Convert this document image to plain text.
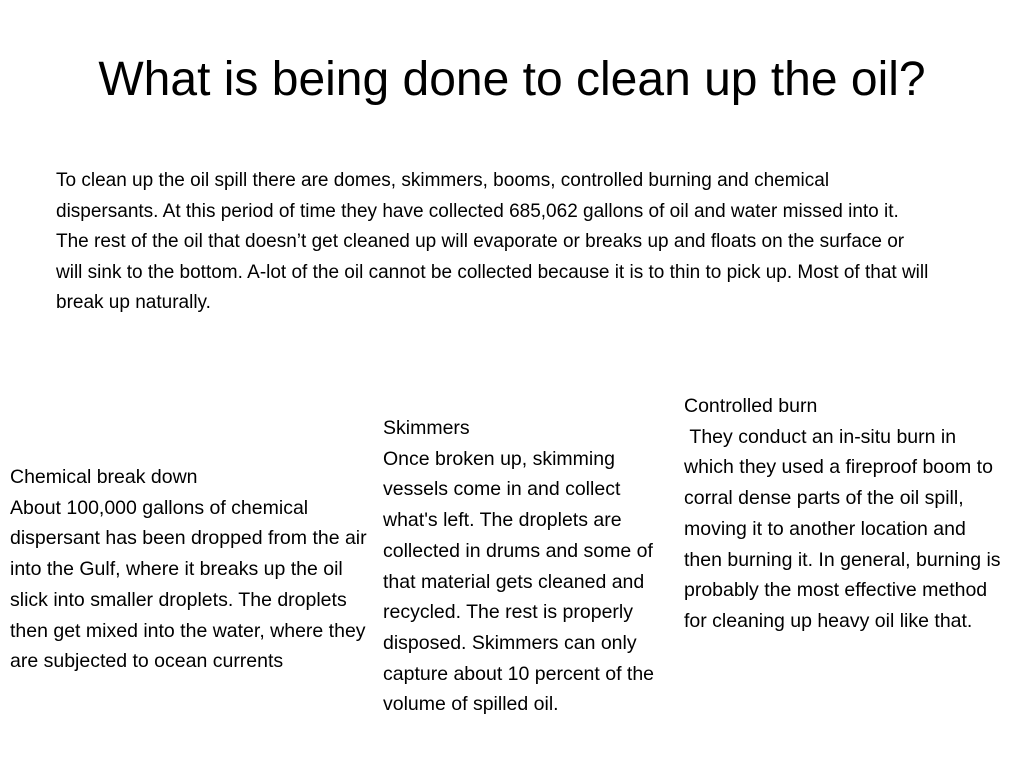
What is being done to clean up the oil?

To clean up the oil spill there are domes, skimmers, booms, controlled burning and chemical dispersants. At this period of time they have collected 685,062 gallons of oil and water missed into it. The rest of the oil that doesn’t get cleaned up will evaporate or breaks up and floats on the surface or will sink to the bottom. A-lot of the oil cannot be collected because it is to thin to pick up. Most of that will break up naturally.

Chemical break down
About 100,000 gallons of chemical dispersant has been dropped from the air into the Gulf, where it breaks up the oil slick into smaller droplets. The droplets then get mixed into the water, where they are subjected to ocean currents
Skimmers
Once broken up, skimming vessels come in and collect what's left. The droplets are collected in drums and some of that material gets cleaned and recycled. The rest is properly disposed. Skimmers can only capture about 10 percent of the volume of spilled oil.
Controlled burn
They conduct an in-situ burn in which they used a fireproof boom to corral dense parts of the oil spill, moving it to another location and then burning it. In general, burning is probably the most effective method for cleaning up heavy oil like that.
